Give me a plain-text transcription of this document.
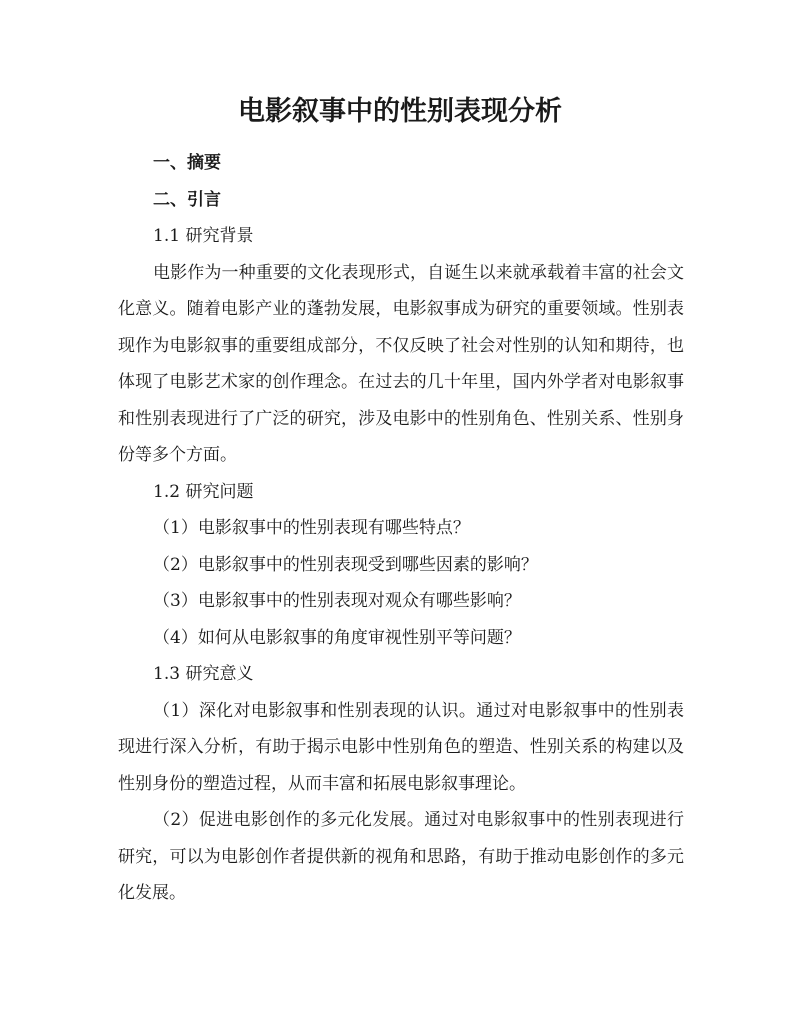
电影叙事中的性别表现分析

一、摘要

二、引言

1.1 研究背景

电影作为一种重要的文化表现形式，自诞生以来就承载着丰富的社会文化意义。随着电影产业的蓬勃发展，电影叙事成为研究的重要领域。性别表现作为电影叙事的重要组成部分，不仅反映了社会对性别的认知和期待，也体现了电影艺术家的创作理念。在过去的几十年里，国内外学者对电影叙事和性别表现进行了广泛的研究，涉及电影中的性别角色、性别关系、性别身份等多个方面。

1.2 研究问题

（1）电影叙事中的性别表现有哪些特点？

（2）电影叙事中的性别表现受到哪些因素的影响？

（3）电影叙事中的性别表现对观众有哪些影响？

（4）如何从电影叙事的角度审视性别平等问题？

1.3 研究意义

（1）深化对电影叙事和性别表现的认识。通过对电影叙事中的性别表现进行深入分析，有助于揭示电影中性别角色的塑造、性别关系的构建以及性别身份的塑造过程，从而丰富和拓展电影叙事理论。

（2）促进电影创作的多元化发展。通过对电影叙事中的性别表现进行研究，可以为电影创作者提供新的视角和思路，有助于推动电影创作的多元化发展。
